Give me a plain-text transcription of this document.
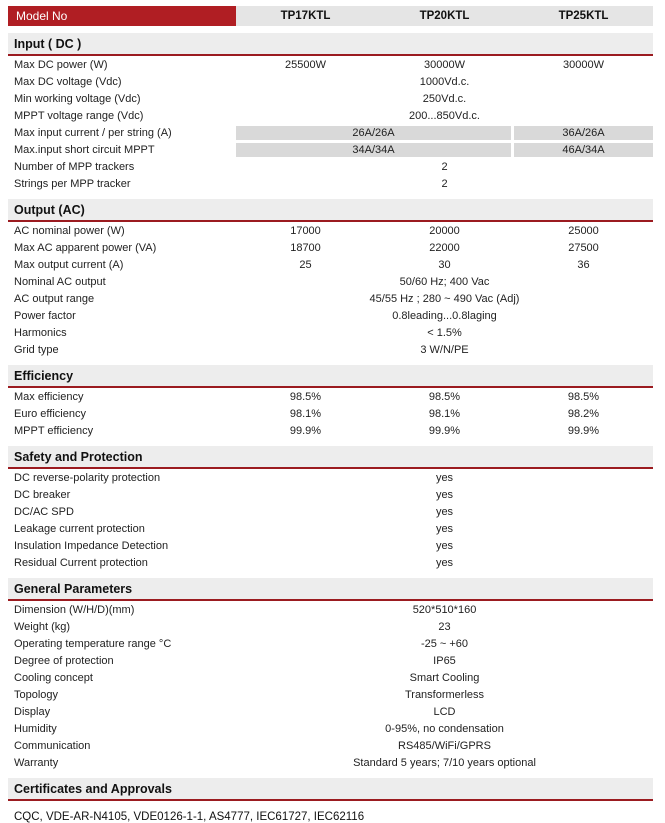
Model No	TP17KTL	TP20KTL	TP25KTL
Input ( DC )
Max DC power (W)	25500W	30000W	30000W
Max DC voltage (Vdc)	1000Vd.c.
Min working voltage (Vdc)	250Vd.c.
MPPT voltage range (Vdc)	200...850Vd.c.
Max input current / per string (A)	26A/26A	36A/26A
Max.input short circuit MPPT	34A/34A	46A/34A
Number of MPP trackers	2
Strings per MPP tracker	2
Output (AC)
AC nominal power (W)	17000	20000	25000
Max AC apparent power (VA)	18700	22000	27500
Max output current (A)	25	30	36
Nominal AC output	50/60 Hz; 400 Vac
AC output range	45/55 Hz ; 280 ~ 490 Vac (Adj)
Power factor	0.8leading...0.8laging
Harmonics	< 1.5%
Grid type	3 W/N/PE
Efficiency
Max efficiency	98.5%	98.5%	98.5%
Euro efficiency	98.1%	98.1%	98.2%
MPPT efficiency	99.9%	99.9%	99.9%
Safety and Protection
DC reverse-polarity protection	yes
DC breaker	yes
DC/AC SPD	yes
Leakage current protection	yes
Insulation Impedance Detection	yes
Residual Current protection	yes
General Parameters
Dimension (W/H/D)(mm)	520*510*160
Weight (kg)	23
Operating temperature range °C	-25 ~ +60
Degree of protection	IP65
Cooling concept	Smart Cooling
Topology	Transformerless
Display	LCD
Humidity	0-95%, no condensation
Communication	RS485/WiFi/GPRS
Warranty	Standard 5 years; 7/10 years optional
Certificates and Approvals
CQC, VDE-AR-N4105, VDE0126-1-1, AS4777, IEC61727, IEC62116
